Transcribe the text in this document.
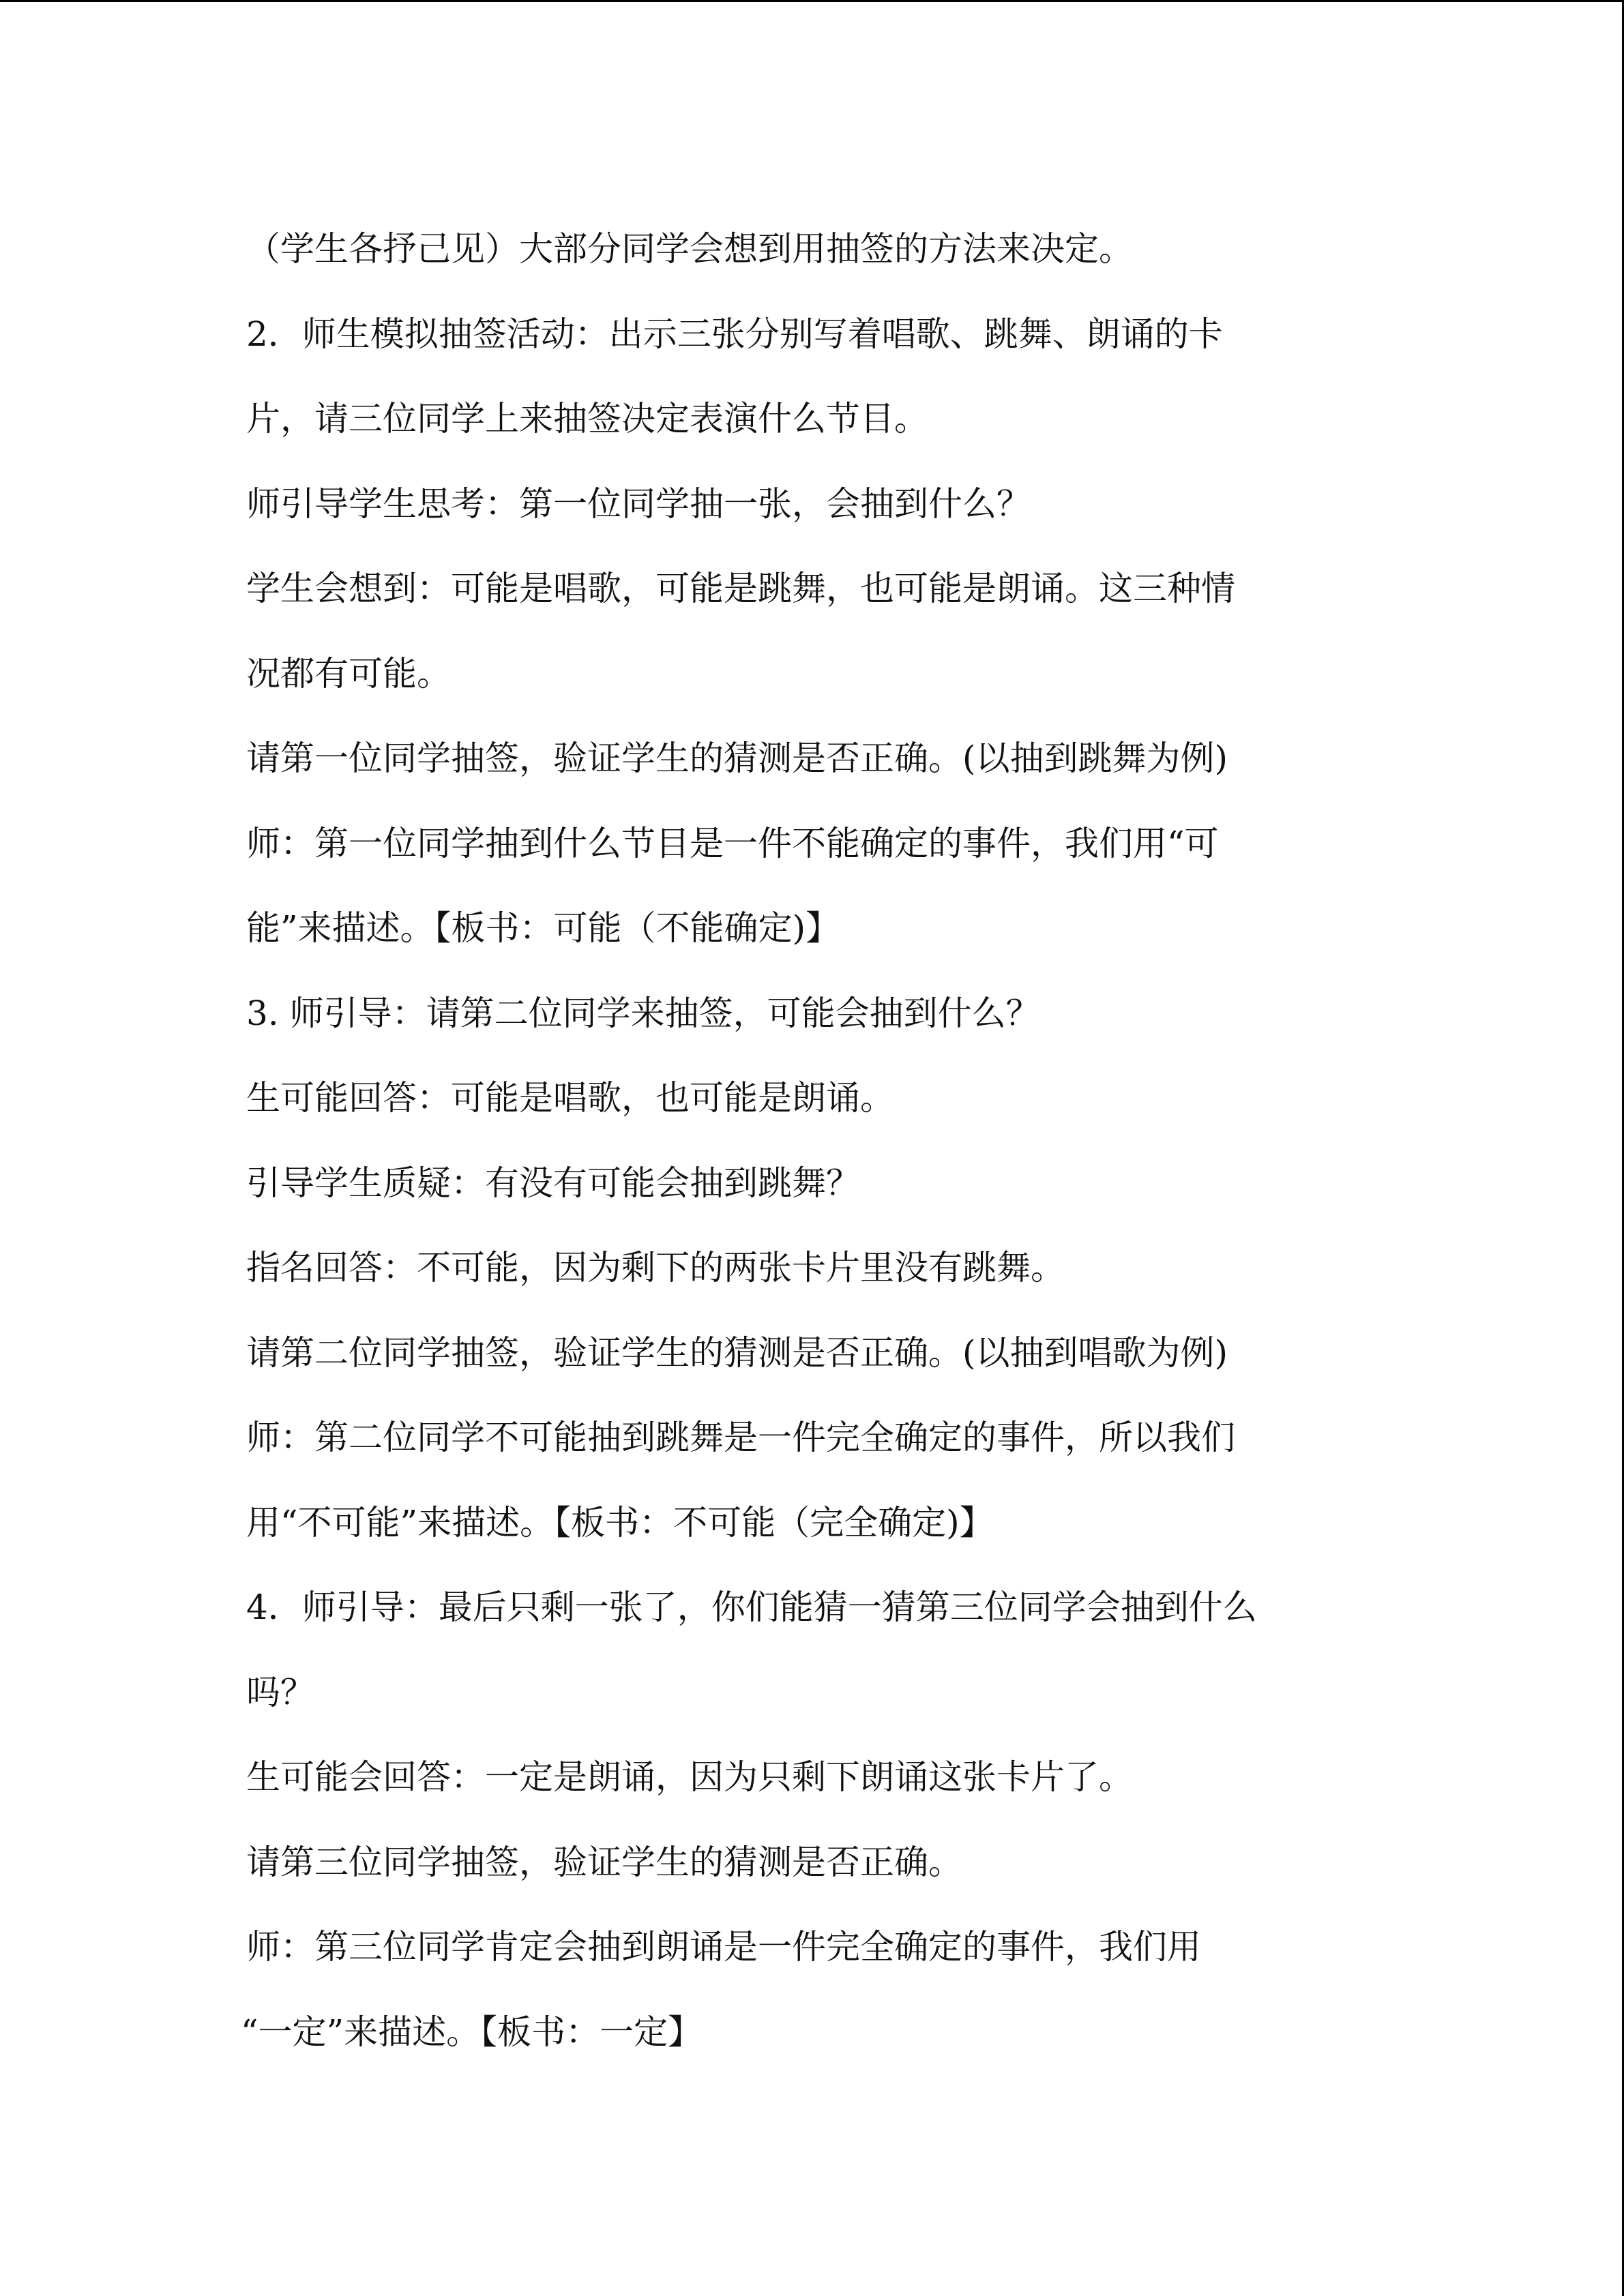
（学生各抒己见）大部分同学会想到用抽签的方法来决定。
2．师生模拟抽签活动：出示三张分别写着唱歌、跳舞、朗诵的卡
片，请三位同学上来抽签决定表演什么节目。
师引导学生思考：第一位同学抽一张，会抽到什么？
学生会想到：可能是唱歌，可能是跳舞，也可能是朗诵。这三种情
况都有可能。
请第一位同学抽签，验证学生的猜测是否正确。(以抽到跳舞为例)
师：第一位同学抽到什么节目是一件不能确定的事件，我们用“可
能”来描述。【板书：可能（不能确定)】
3. 师引导：请第二位同学来抽签，可能会抽到什么？
生可能回答：可能是唱歌，也可能是朗诵。
引导学生质疑：有没有可能会抽到跳舞？
指名回答：不可能，因为剩下的两张卡片里没有跳舞。
请第二位同学抽签，验证学生的猜测是否正确。(以抽到唱歌为例)
师：第二位同学不可能抽到跳舞是一件完全确定的事件，所以我们
用“不可能”来描述。【板书：不可能（完全确定)】
4．师引导：最后只剩一张了，你们能猜一猜第三位同学会抽到什么
吗？
生可能会回答：一定是朗诵，因为只剩下朗诵这张卡片了。
请第三位同学抽签，验证学生的猜测是否正确。
师：第三位同学肯定会抽到朗诵是一件完全确定的事件，我们用
“一定”来描述。【板书：一定】
